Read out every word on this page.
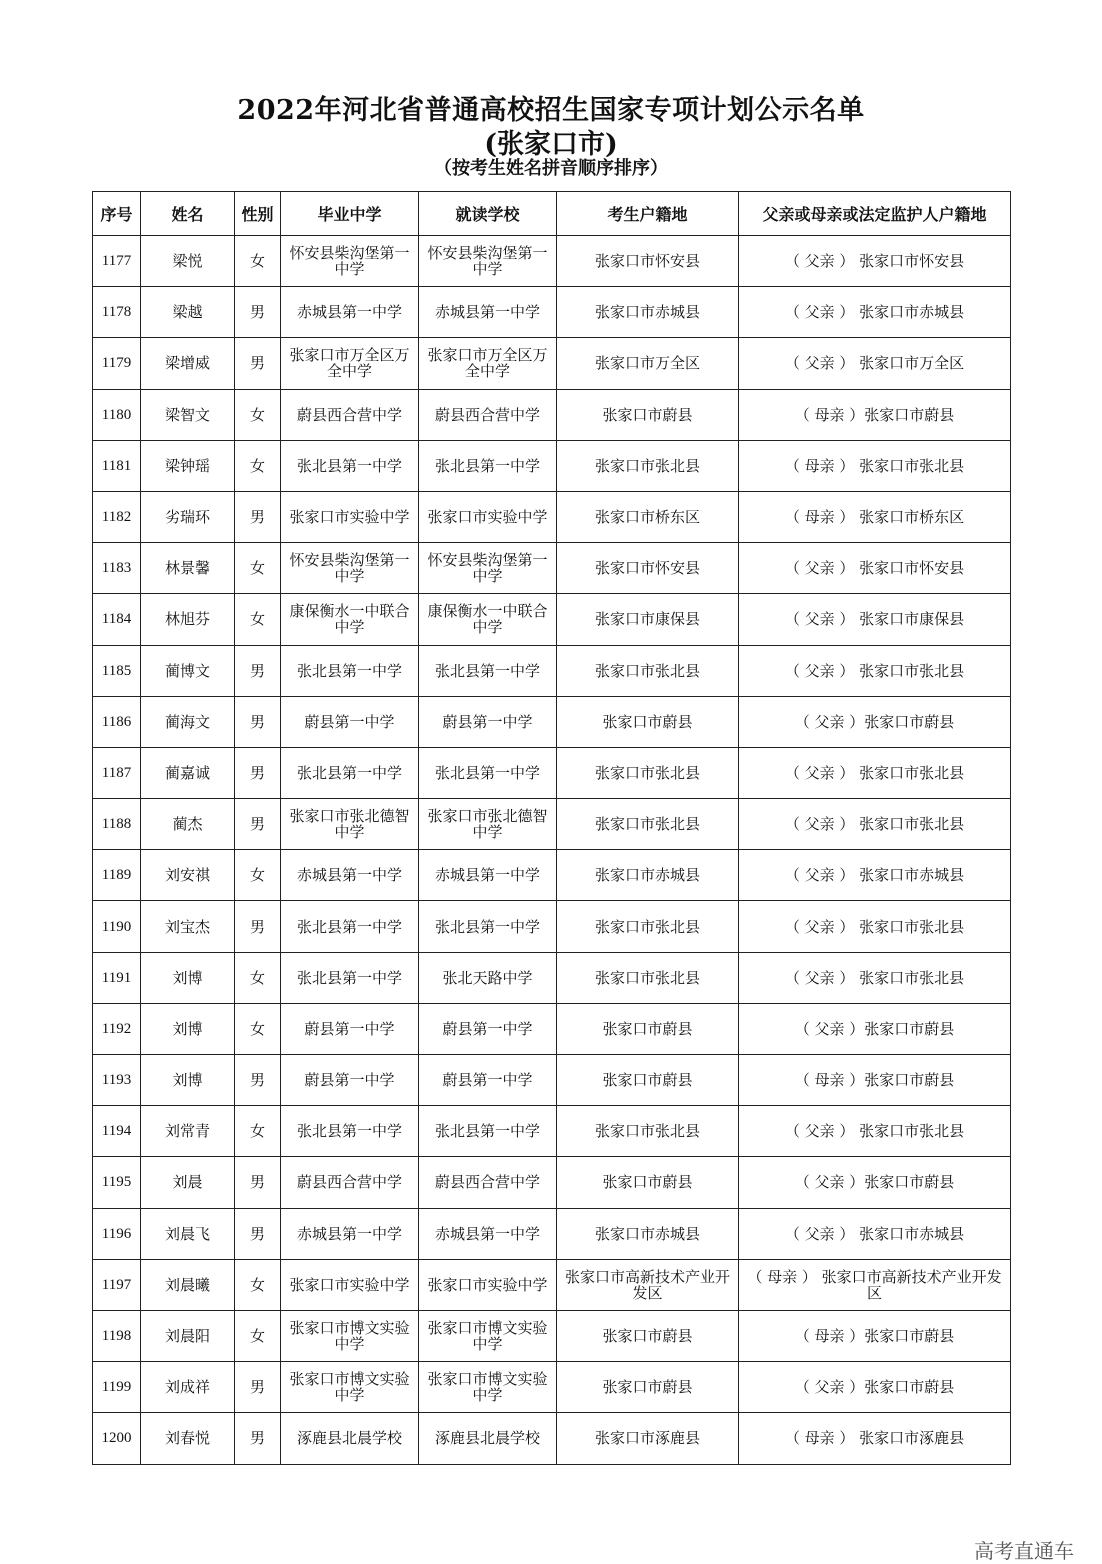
2022年河北省普通高校招生国家专项计划公示名单
(张家口市)
（按考生姓名拼音顺序排序）
序号	姓名	性别	毕业中学	就读学校	考生户籍地	父亲或母亲或法定监护人户籍地
1177	梁悦	女	怀安县柴沟堡第一中学	怀安县柴沟堡第一中学	张家口市怀安县	（ 父亲 ） 张家口市怀安县
1178	梁越	男	赤城县第一中学	赤城县第一中学	张家口市赤城县	（ 父亲 ） 张家口市赤城县
1179	梁增威	男	张家口市万全区万全中学	张家口市万全区万全中学	张家口市万全区	（ 父亲 ） 张家口市万全区
1180	梁智文	女	蔚县西合营中学	蔚县西合营中学	张家口市蔚县	（ 母亲 ）张家口市蔚县
1181	梁钟瑶	女	张北县第一中学	张北县第一中学	张家口市张北县	（ 母亲 ） 张家口市张北县
1182	劣瑞环	男	张家口市实验中学	张家口市实验中学	张家口市桥东区	（ 母亲 ） 张家口市桥东区
1183	林景馨	女	怀安县柴沟堡第一中学	怀安县柴沟堡第一中学	张家口市怀安县	（ 父亲 ） 张家口市怀安县
1184	林旭芬	女	康保衡水一中联合中学	康保衡水一中联合中学	张家口市康保县	（ 父亲 ） 张家口市康保县
1185	蔺博文	男	张北县第一中学	张北县第一中学	张家口市张北县	（ 父亲 ） 张家口市张北县
1186	蔺海文	男	蔚县第一中学	蔚县第一中学	张家口市蔚县	（ 父亲 ）张家口市蔚县
1187	蔺嘉诚	男	张北县第一中学	张北县第一中学	张家口市张北县	（ 父亲 ） 张家口市张北县
1188	蔺杰	男	张家口市张北德智中学	张家口市张北德智中学	张家口市张北县	（ 父亲 ） 张家口市张北县
1189	刘安祺	女	赤城县第一中学	赤城县第一中学	张家口市赤城县	（ 父亲 ） 张家口市赤城县
1190	刘宝杰	男	张北县第一中学	张北县第一中学	张家口市张北县	（ 父亲 ） 张家口市张北县
1191	刘博	女	张北县第一中学	张北天路中学	张家口市张北县	（ 父亲 ） 张家口市张北县
1192	刘博	女	蔚县第一中学	蔚县第一中学	张家口市蔚县	（ 父亲 ）张家口市蔚县
1193	刘博	男	蔚县第一中学	蔚县第一中学	张家口市蔚县	（ 母亲 ）张家口市蔚县
1194	刘常青	女	张北县第一中学	张北县第一中学	张家口市张北县	（ 父亲 ） 张家口市张北县
1195	刘晨	男	蔚县西合营中学	蔚县西合营中学	张家口市蔚县	（ 父亲 ）张家口市蔚县
1196	刘晨飞	男	赤城县第一中学	赤城县第一中学	张家口市赤城县	（ 父亲 ） 张家口市赤城县
1197	刘晨曦	女	张家口市实验中学	张家口市实验中学	张家口市高新技术产业开发区	（ 母亲 ） 张家口市高新技术产业开发区
1198	刘晨阳	女	张家口市博文实验中学	张家口市博文实验中学	张家口市蔚县	（ 母亲 ）张家口市蔚县
1199	刘成祥	男	张家口市博文实验中学	张家口市博文实验中学	张家口市蔚县	（ 父亲 ）张家口市蔚县
1200	刘春悦	男	涿鹿县北晨学校	涿鹿县北晨学校	张家口市涿鹿县	（ 母亲 ） 张家口市涿鹿县
高考直通车
